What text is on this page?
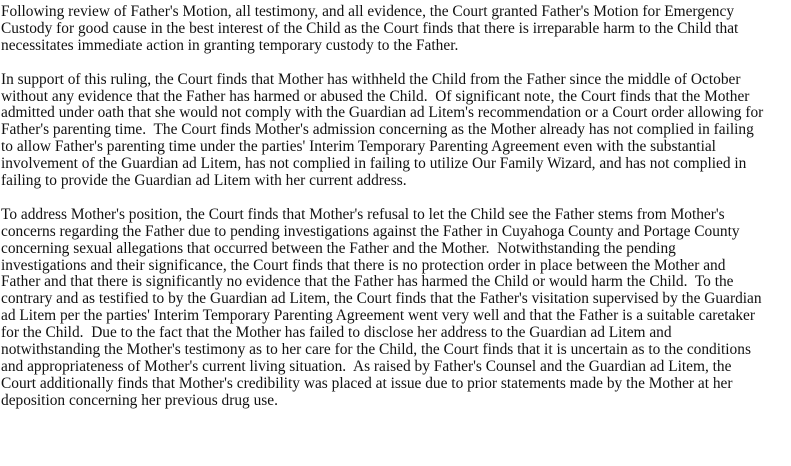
Following review of Father's Motion, all testimony, and all evidence, the Court granted Father's Motion for Emergency
Custody for good cause in the best interest of the Child as the Court finds that there is irreparable harm to the Child that
necessitates immediate action in granting temporary custody to the Father.
In support of this ruling, the Court finds that Mother has withheld the Child from the Father since the middle of October
without any evidence that the Father has harmed or abused the Child.  Of significant note, the Court finds that the Mother
admitted under oath that she would not comply with the Guardian ad Litem's recommendation or a Court order allowing for
Father's parenting time.  The Court finds Mother's admission concerning as the Mother already has not complied in failing
to allow Father's parenting time under the parties' Interim Temporary Parenting Agreement even with the substantial
involvement of the Guardian ad Litem, has not complied in failing to utilize Our Family Wizard, and has not complied in
failing to provide the Guardian ad Litem with her current address.
To address Mother's position, the Court finds that Mother's refusal to let the Child see the Father stems from Mother's
concerns regarding the Father due to pending investigations against the Father in Cuyahoga County and Portage County
concerning sexual allegations that occurred between the Father and the Mother.  Notwithstanding the pending
investigations and their significance, the Court finds that there is no protection order in place between the Mother and
Father and that there is significantly no evidence that the Father has harmed the Child or would harm the Child.  To the
contrary and as testified to by the Guardian ad Litem, the Court finds that the Father's visitation supervised by the Guardian
ad Litem per the parties' Interim Temporary Parenting Agreement went very well and that the Father is a suitable caretaker
for the Child.  Due to the fact that the Mother has failed to disclose her address to the Guardian ad Litem and
notwithstanding the Mother's testimony as to her care for the Child, the Court finds that it is uncertain as to the conditions
and appropriateness of Mother's current living situation.  As raised by Father's Counsel and the Guardian ad Litem, the
Court additionally finds that Mother's credibility was placed at issue due to prior statements made by the Mother at her
deposition concerning her previous drug use.
